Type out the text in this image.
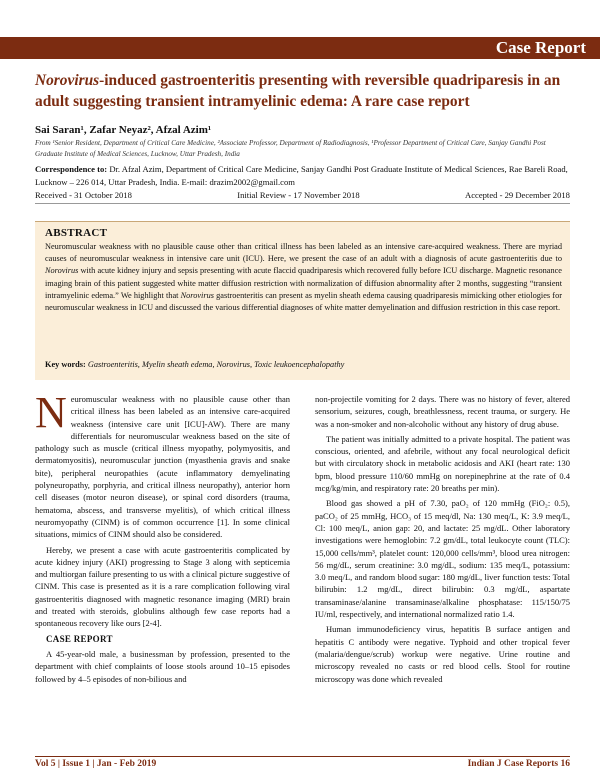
Case Report
Norovirus-induced gastroenteritis presenting with reversible quadriparesis in an adult suggesting transient intramyelinic edema: A rare case report
Sai Saran¹, Zafar Neyaz², Afzal Azim¹
From ¹Senior Resident, Department of Critical Care Medicine, ²Associate Professor, Department of Radiodiagnosis, ¹Professor Department of Critical Care, Sanjay Gandhi Post Graduate Institute of Medical Sciences, Lucknow, Uttar Pradesh, India
Correspondence to: Dr. Afzal Azim, Department of Critical Care Medicine, Sanjay Gandhi Post Graduate Institute of Medical Sciences, Rae Bareli Road, Lucknow – 226 014, Uttar Pradesh, India. E-mail: drazim2002@gmail.com
Received - 31 October 2018	Initial Review - 17 November 2018	Accepted - 29 December 2018
ABSTRACT
Neuromuscular weakness with no plausible cause other than critical illness has been labeled as an intensive care-acquired weakness. There are myriad causes of neuromuscular weakness in intensive care unit (ICU). Here, we present the case of an adult with a diagnosis of acute gastroenteritis due to Norovirus with acute kidney injury and sepsis presenting with acute flaccid quadriparesis which recovered fully before ICU discharge. Magnetic resonance imaging brain of this patient suggested white matter diffusion restriction with normalization of diffusion abnormality after 2 months, suggesting “transient intramyelinic edema.” We highlight that Norovirus gastroenteritis can present as myelin sheath edema causing quadriparesis mimicking other etiologies for neuromuscular weakness in ICU and discussed the various differential diagnoses of white matter demyelination and diffusion restriction in this case report.
Key words: Gastroenteritis, Myelin sheath edema, Norovirus, Toxic leukoencephalopathy

Neuromuscular weakness with no plausible cause other than critical illness has been labeled as an intensive care-acquired weakness (intensive care unit [ICU]-AW). There are many differentials for neuromuscular weakness based on the site of pathology such as muscle (critical illness myopathy, polymyositis, and dermatomyositis), neuromuscular junction (myasthenia gravis and snake bite), peripheral neuropathies (acute inflammatory demyelinating polyneuropathy, porphyria, and critical illness neuropathy), anterior horn cell diseases (motor neuron disease), or spinal cord disorders (trauma, hematoma, abscess, and transverse myelitis), of which critical illness neuromyopathy (CINM) is of common occurrence [1]. In some clinical situations, mimics of CINM should also be considered.

Hereby, we present a case with acute gastroenteritis complicated by acute kidney injury (AKI) progressing to Stage 3 along with septicemia and multiorgan failure presenting to us with a clinical picture suggestive of CINM. This case is presented as it is a rare complication following viral gastroenteritis diagnosed with magnetic resonance imaging (MRI) brain and treated with steroids, globulins although few case reports had a spontaneous recovery like ours [2-4].

CASE REPORT

A 45-year-old male, a businessman by profession, presented to the department with chief complaints of loose stools around 10–15 episodes followed by 4–5 episodes of non-bilious and

non-projectile vomiting for 2 days. There was no history of fever, altered sensorium, seizures, cough, breathlessness, recent trauma, or surgery. He was a non-smoker and non-alcoholic without any history of drug abuse.

The patient was initially admitted to a private hospital. The patient was conscious, oriented, and afebrile, without any focal neurological deficit but with circulatory shock in metabolic acidosis and AKI (heart rate: 130 bpm, blood pressure 110/60 mmHg on norepinephrine at the rate of 0.4 mcg/kg/min, and respiratory rate: 20 breaths per min).

Blood gas showed a pH of 7.30, paO₂ of 120 mmHg (FiO₂: 0.5), paCO₂ of 25 mmHg, HCO₃ of 15 meq/dl, Na: 130 meq/L, K: 3.9 meq/L, Cl: 100 meq/L, anion gap: 20, and lactate: 25 mg/dL. Other laboratory investigations were hemoglobin: 7.2 gm/dL, total leukocyte count (TLC): 15,000 cells/mm³, platelet count: 120,000 cells/mm³, blood urea nitrogen: 56 mg/dL, serum creatinine: 3.0 mg/dL, sodium: 135 meq/L, potassium: 3.0 meq/L, and random blood sugar: 180 mg/dL, liver function tests: Total bilirubin: 1.2 mg/dL, direct bilirubin: 0.3 mg/dL, aspartate transaminase/alanine transaminase/alkaline phosphatase: 115/150/75 IU/ml, respectively, and international normalized ratio 1.4.

Human immunodeficiency virus, hepatitis B surface antigen and hepatitis C antibody were negative. Typhoid and other tropical fever (malaria/dengue/scrub) workup were negative. Urine routine and microscopy revealed no casts or red blood cells. Stool for routine microscopy was done which revealed

Vol 5 | Issue 1 | Jan - Feb 2019	Indian J Case Reports 16
